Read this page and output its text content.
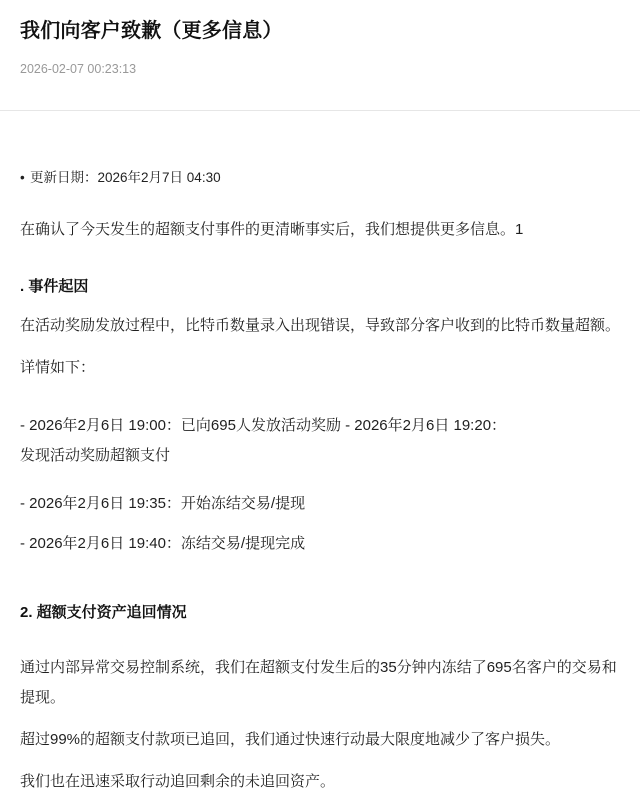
我们向客户致歉（更多信息）

2026-02-07 00:23:13

• 更新日期：2026年2月7日 04:30

在确认了今天发生的超额支付事件的更清晰事实后，我们想提供更多信息。1

. 事件起因

在活动奖励发放过程中，比特币数量录入出现错误，导致部分客户收到的比特币数量超额。

详情如下：

- 2026年2月6日 19:00：已向695人发放活动奖励 - 2026年2月6日 19:20：

发现活动奖励超额支付

- 2026年2月6日 19:35：开始冻结交易/提现

- 2026年2月6日 19:40：冻结交易/提现完成

2. 超额支付资产追回情况

通过内部异常交易控制系统，我们在超额支付发生后的35分钟内冻结了695名客户的交易和提现。

超过99%的超额支付款项已追回，我们通过快速行动最大限度地减少了客户损失。

我们也在迅速采取行动追回剩余的未追回资产。
